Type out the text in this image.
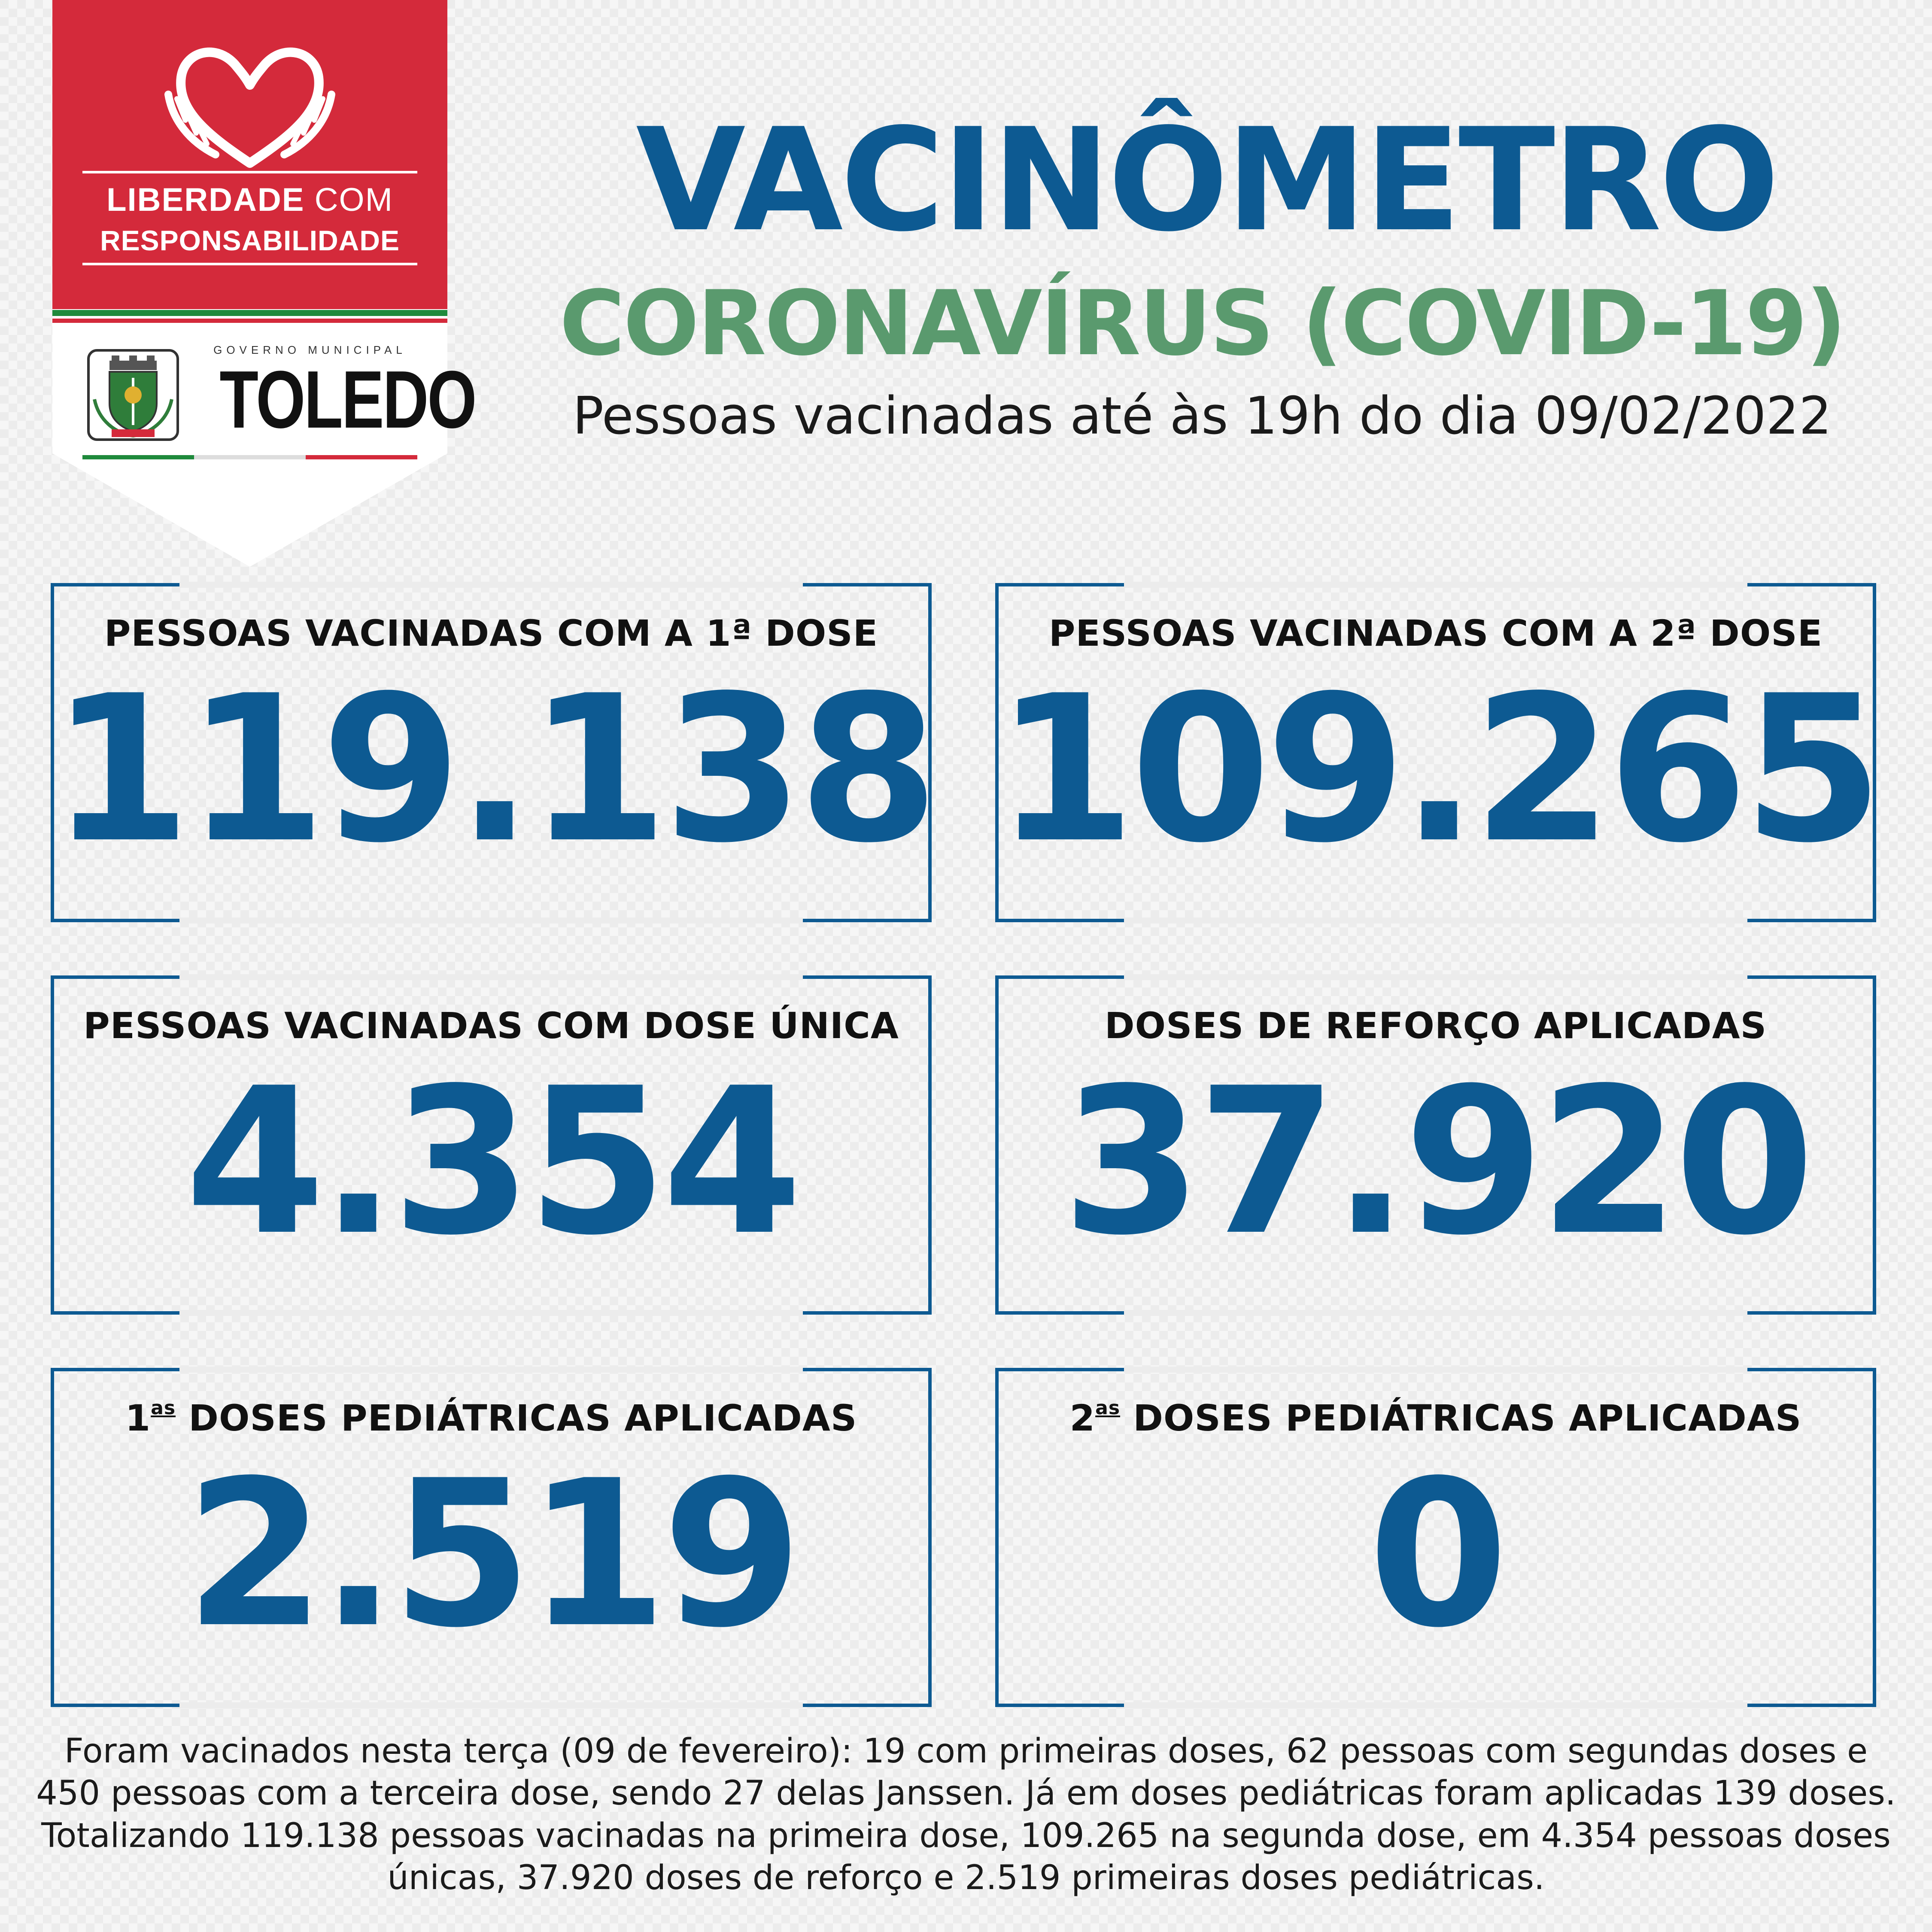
LIBERDADE COM
RESPONSABILIDADE
GOVERNO MUNICIPAL
TOLEDO
VACINÔMETRO
CORONAVÍRUS (COVID-19)
Pessoas vacinadas até às 19h do dia 09/02/2022
PESSOAS VACINADAS COM A 1ª DOSE
119.138
PESSOAS VACINADAS COM A 2ª DOSE
109.265
PESSOAS VACINADAS COM DOSE ÚNICA
4.354
DOSES DE REFORÇO APLICADAS
37.920
$1^{as}$ DOSES PEDIÁTRICAS APLICADAS
2.519
$2^{as}$ DOSES PEDIÁTRICAS APLICADAS
0
Foram vacinados nesta terça (09 de fevereiro): 19 com primeiras doses, 62 pessoas com segundas doses e 450 pessoas com a terceira dose, sendo 27 delas Janssen. Já em doses pediátricas foram aplicadas 139 doses. Totalizando 119.138 pessoas vacinadas na primeira dose, 109.265 na segunda dose, em 4.354 pessoas doses únicas, 37.920 doses de reforço e 2.519 primeiras doses pediátricas.
